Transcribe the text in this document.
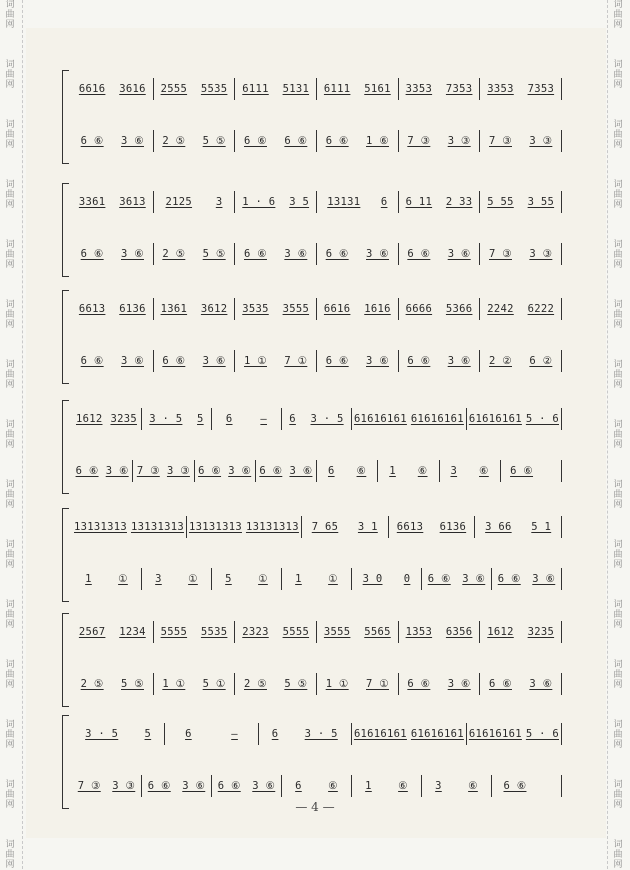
词曲网
词曲网
词曲网
词曲网
词曲网
词曲网
词曲网
词曲网
词曲网
词曲网
词曲网
词曲网
词曲网
词曲网
词曲网
词曲网
词曲网
词曲网
词曲网
词曲网
词曲网
词曲网
词曲网
词曲网
词曲网
词曲网
词曲网
词曲网
词曲网
词曲网
6616 3616 2555 5535 6111 5131 6111 5161 3353 7353 3353 7353
6 ⑥ 3 ⑥ 2 ⑤ 5 ⑤ 6 ⑥ 6 ⑥ 6 ⑥ 1 ⑥ 7 ③ 3 ③ 7 ③ 3 ③
3361 3613 2125 3 1 · 6 3 5 13131 6 6 11 2 33 5 55 3 55
6 ⑥ 3 ⑥ 2 ⑤ 5 ⑤ 6 ⑥ 3 ⑥ 6 ⑥ 3 ⑥ 6 ⑥ 3 ⑥ 7 ③ 3 ③
6613 6136 1361 3612 3535 3555 6616 1616 6666 5366 2242 6222
6 ⑥ 3 ⑥ 6 ⑥ 3 ⑥ 1 ① 7 ① 6 ⑥ 3 ⑥ 6 ⑥ 3 ⑥ 2 ② 6 ②
1612 3235 3 · 5 5 6	— 6 3 · 5 61616161 61616161 61616161 5 · 6
6 ⑥ 3 ⑥ 7 ③ 3 ③ 6 ⑥ 3 ⑥ 6 ⑥ 3 ⑥ 6 ⑥ 1 ⑥ 3 ⑥ 6 ⑥
13131313 13131313 13131313 13131313 7 65 3 1 6613 6136 3 66 5 1
1	①	3	①	5	①	1	① 3 0 0 6 ⑥ 3 ⑥ 6 ⑥ 3 ⑥
2567 1234 5555 5535 2323 5555 3555 5565 1353 6356 1612 3235
2 ⑤ 5 ⑤ 1 ① 5 ① 2 ⑤ 5 ⑤ 1 ① 7 ① 6 ⑥ 3 ⑥ 6 ⑥ 3 ⑥
3 · 5	5	6	—	6	3 · 5 61616161 61616161 61616161 5 · 6
7 ③ 3 ③ 6 ⑥ 3 ⑥ 6 ⑥ 3 ⑥ 6	⑥	1	⑥	3	⑥ 6 ⑥
— 4 —
